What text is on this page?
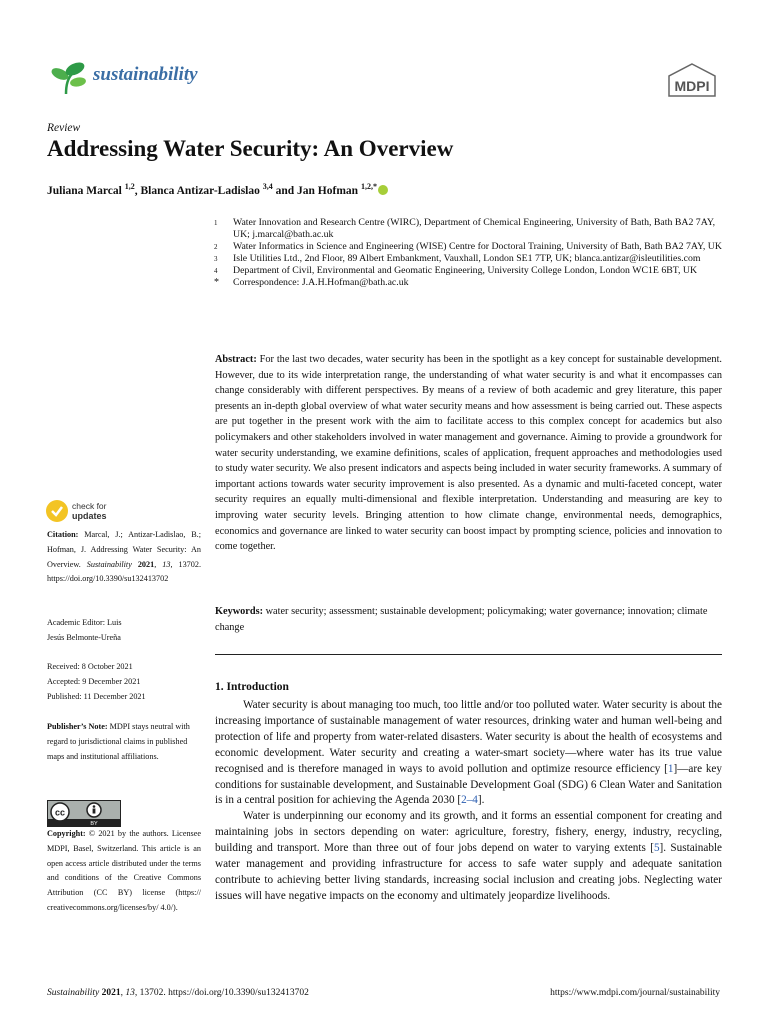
sustainability
MDPI
Review
Addressing Water Security: An Overview
Juliana Marcal $^{1,2}$, Blanca Antizar-Ladislao $^{3,4}$ and Jan Hofman $^{1,2,*}$
1	Water Innovation and Research Centre (WIRC), Department of Chemical Engineering, University of Bath, Bath BA2 7AY, UK; j.marcal@bath.ac.uk
2	Water Informatics in Science and Engineering (WISE) Centre for Doctoral Training, University of Bath, Bath BA2 7AY, UK
3	Isle Utilities Ltd., 2nd Floor, 89 Albert Embankment, Vauxhall, London SE1 7TP, UK; blanca.antizar@isleutilities.com
4	Department of Civil, Environmental and Geomatic Engineering, University College London, London WC1E 6BT, UK
*	Correspondence: J.A.H.Hofman@bath.ac.uk

Abstract: For the last two decades, water security has been in the spotlight as a key concept for sustainable development. However, due to its wide interpretation range, the understanding of what water security is and what it encompasses can change considerably with different perspectives. By means of a review of both academic and grey literature, this paper presents an in-depth global overview of what water security means and how assessment is being carried out. These aspects are put together in the present work with the aim to facilitate access to this complex concept for academics but also policymakers and other stakeholders involved in water management and governance. Aiming to provide a groundwork for water security understanding, we examine definitions, scales of application, frequent approaches and methodologies used to study water security. We also present indicators and aspects being included in water security frameworks. A summary of important actions towards water security improvement is also presented. As a dynamic and multi-faceted concept, water security requires an equally multi-dimensional and flexible interpretation. Understanding and measuring are key to improving water security levels. Bringing attention to how climate change, environmental needs, demographics, economics and governance are linked to water security can boost impact by prompting science, policies and innovation to come together.

Keywords: water security; assessment; sustainable development; policymaking; water governance; innovation; climate change

1. Introduction

Water security is about managing too much, too little and/or too polluted water. Water security is about the increasing importance of sustainable management of water resources, drinking water and human well-being and protection of life and property from water-related disasters. Water security is about the health of ecosystems and economic development. Water security and creating a water-smart society—where water has its true value recognised and is therefore managed in ways to avoid pollution and optimize resource efficiency [1]—are key conditions for sustainable development, and Sustainable Development Goal (SDG) 6 Clean Water and Sanitation is in a central position for achieving the Agenda 2030 [2–4].

Water is underpinning our economy and its growth, and it forms an essential component for creating and maintaining jobs in sectors depending on water: agriculture, forestry, fishery, energy, industry, recycling, building and transport. More than three out of four jobs depend on water to varying extents [5]. Sustainable water management and providing infrastructure for access to safe water supply and adequate sanitation contribute to achieving better living standards, increasing social inclusion and creating jobs. Neglecting water issues will have negative impacts on the economy and ultimately jeopardize livelihoods.

check for
updates
Citation: Marcal, J.; Antizar-Ladislao, B.; Hofman, J. Addressing Water Security: An Overview. Sustainability 2021, 13, 13702. https://doi.org/10.3390/su132413702
Academic Editor: Luis
Jesús Belmonte-Ureña
Received: 8 October 2021
Accepted: 9 December 2021
Published: 11 December 2021
Publisher’s Note: MDPI stays neutral with regard to jurisdictional claims in published maps and institutional affiliations.
cc
BY
Copyright: © 2021 by the authors. Licensee MDPI, Basel, Switzerland. This article is an open access article distributed under the terms and conditions of the Creative Commons Attribution (CC BY) license (https:// creativecommons.org/licenses/by/ 4.0/).
Sustainability 2021, 13, 13702. https://doi.org/10.3390/su132413702	https://www.mdpi.com/journal/sustainability
